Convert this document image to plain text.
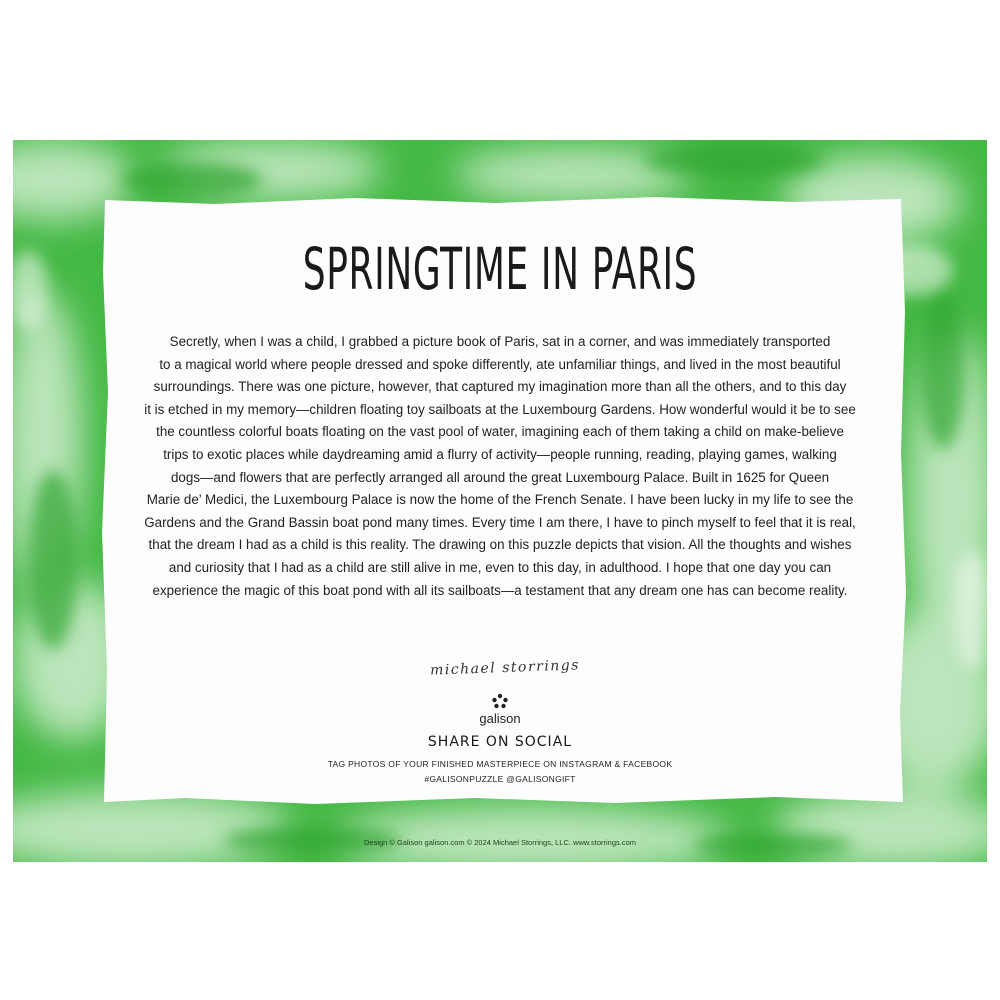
SPRINGTIME IN PARIS

Secretly, when I was a child, I grabbed a picture book of Paris, sat in a corner, and was immediately transported
to a magical world where people dressed and spoke differently, ate unfamiliar things, and lived in the most beautiful
surroundings. There was one picture, however, that captured my imagination more than all the others, and to this day
it is etched in my memory—children floating toy sailboats at the Luxembourg Gardens. How wonderful would it be to see
the countless colorful boats floating on the vast pool of water, imagining each of them taking a child on make-believe
trips to exotic places while daydreaming amid a flurry of activity—people running, reading, playing games, walking
dogs—and flowers that are perfectly arranged all around the great Luxembourg Palace. Built in 1625 for Queen
Marie de’ Medici, the Luxembourg Palace is now the home of the French Senate. I have been lucky in my life to see the
Gardens and the Grand Bassin boat pond many times. Every time I am there, I have to pinch myself to feel that it is real,
that the dream I had as a child is this reality. The drawing on this puzzle depicts that vision. All the thoughts and wishes
and curiosity that I had as a child are still alive in me, even to this day, in adulthood. I hope that one day you can
experience the magic of this boat pond with all its sailboats—a testament that any dream one has can become reality.

michael storrings
galison
SHARE ON SOCIAL
TAG PHOTOS OF YOUR FINISHED MASTERPIECE ON INSTAGRAM & FACEBOOK
#GALISONPUZZLE @GALISONGIFT
Design © Galison galison.com © 2024 Michael Storrings, LLC. www.storrings.com
